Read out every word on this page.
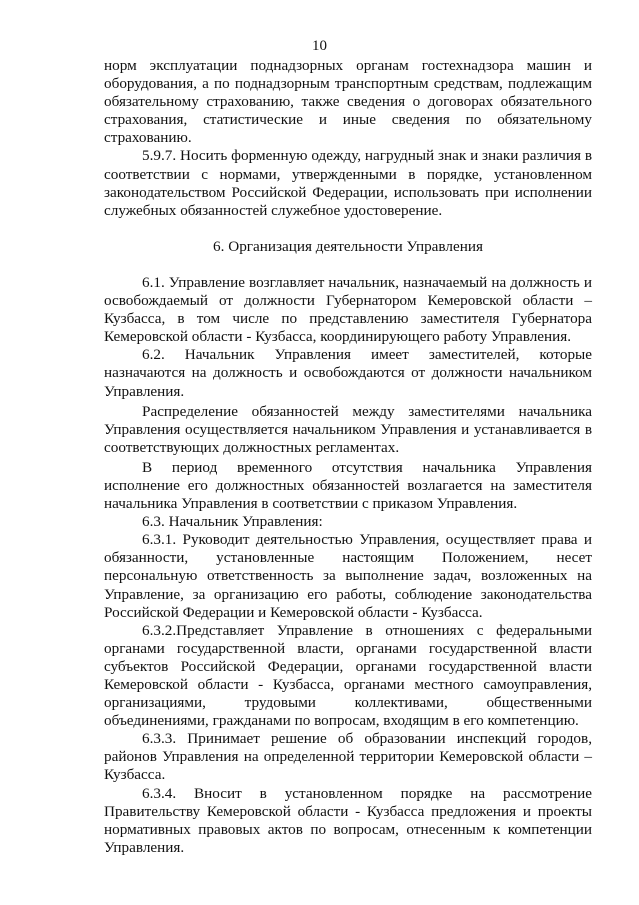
10

норм эксплуатации поднадзорных органам гостехнадзора машин и оборудования, а по поднадзорным транспортным средствам, подлежащим обязательному страхованию, также сведения о договорах обязательного страхования, статистические и иные сведения по обязательному страхованию.

5.9.7. Носить форменную одежду, нагрудный знак и знаки различия в соответствии с нормами, утвержденными в порядке, установленном законодательством Российской Федерации, использовать при исполнении служебных обязанностей служебное удостоверение.

6. Организация деятельности Управления

6.1. Управление возглавляет начальник, назначаемый на должность и освобождаемый от должности Губернатором Кемеровской области – Кузбасса, в том числе по представлению заместителя Губернатора Кемеровской области - Кузбасса, координирующего работу Управления.

6.2. Начальник Управления имеет заместителей, которые назначаются на должность и освобождаются от должности начальником Управления.

Распределение обязанностей между заместителями начальника Управления осуществляется начальником Управления и устанавливается в соответствующих должностных регламентах.

В период временного отсутствия начальника Управления исполнение его должностных обязанностей возлагается на заместителя начальника Управления в соответствии с приказом Управления.

6.3. Начальник Управления:

6.3.1. Руководит деятельностью Управления, осуществляет права и обязанности, установленные настоящим Положением, несет персональную ответственность за выполнение задач, возложенных на Управление, за организацию его работы, соблюдение законодательства Российской Федерации и Кемеровской области - Кузбасса.

6.3.2.Представляет Управление в отношениях с федеральными органами государственной власти, органами государственной власти субъектов Российской Федерации, органами государственной власти Кемеровской области - Кузбасса, органами местного самоуправления, организациями, трудовыми коллективами, общественными объединениями, гражданами по вопросам, входящим в его компетенцию.

6.3.3. Принимает решение об образовании инспекций городов, районов Управления на определенной территории Кемеровской области – Кузбасса.

6.3.4. Вносит в установленном порядке на рассмотрение Правительству Кемеровской области - Кузбасса предложения и проекты нормативных правовых актов по вопросам, отнесенным к компетенции Управления.
